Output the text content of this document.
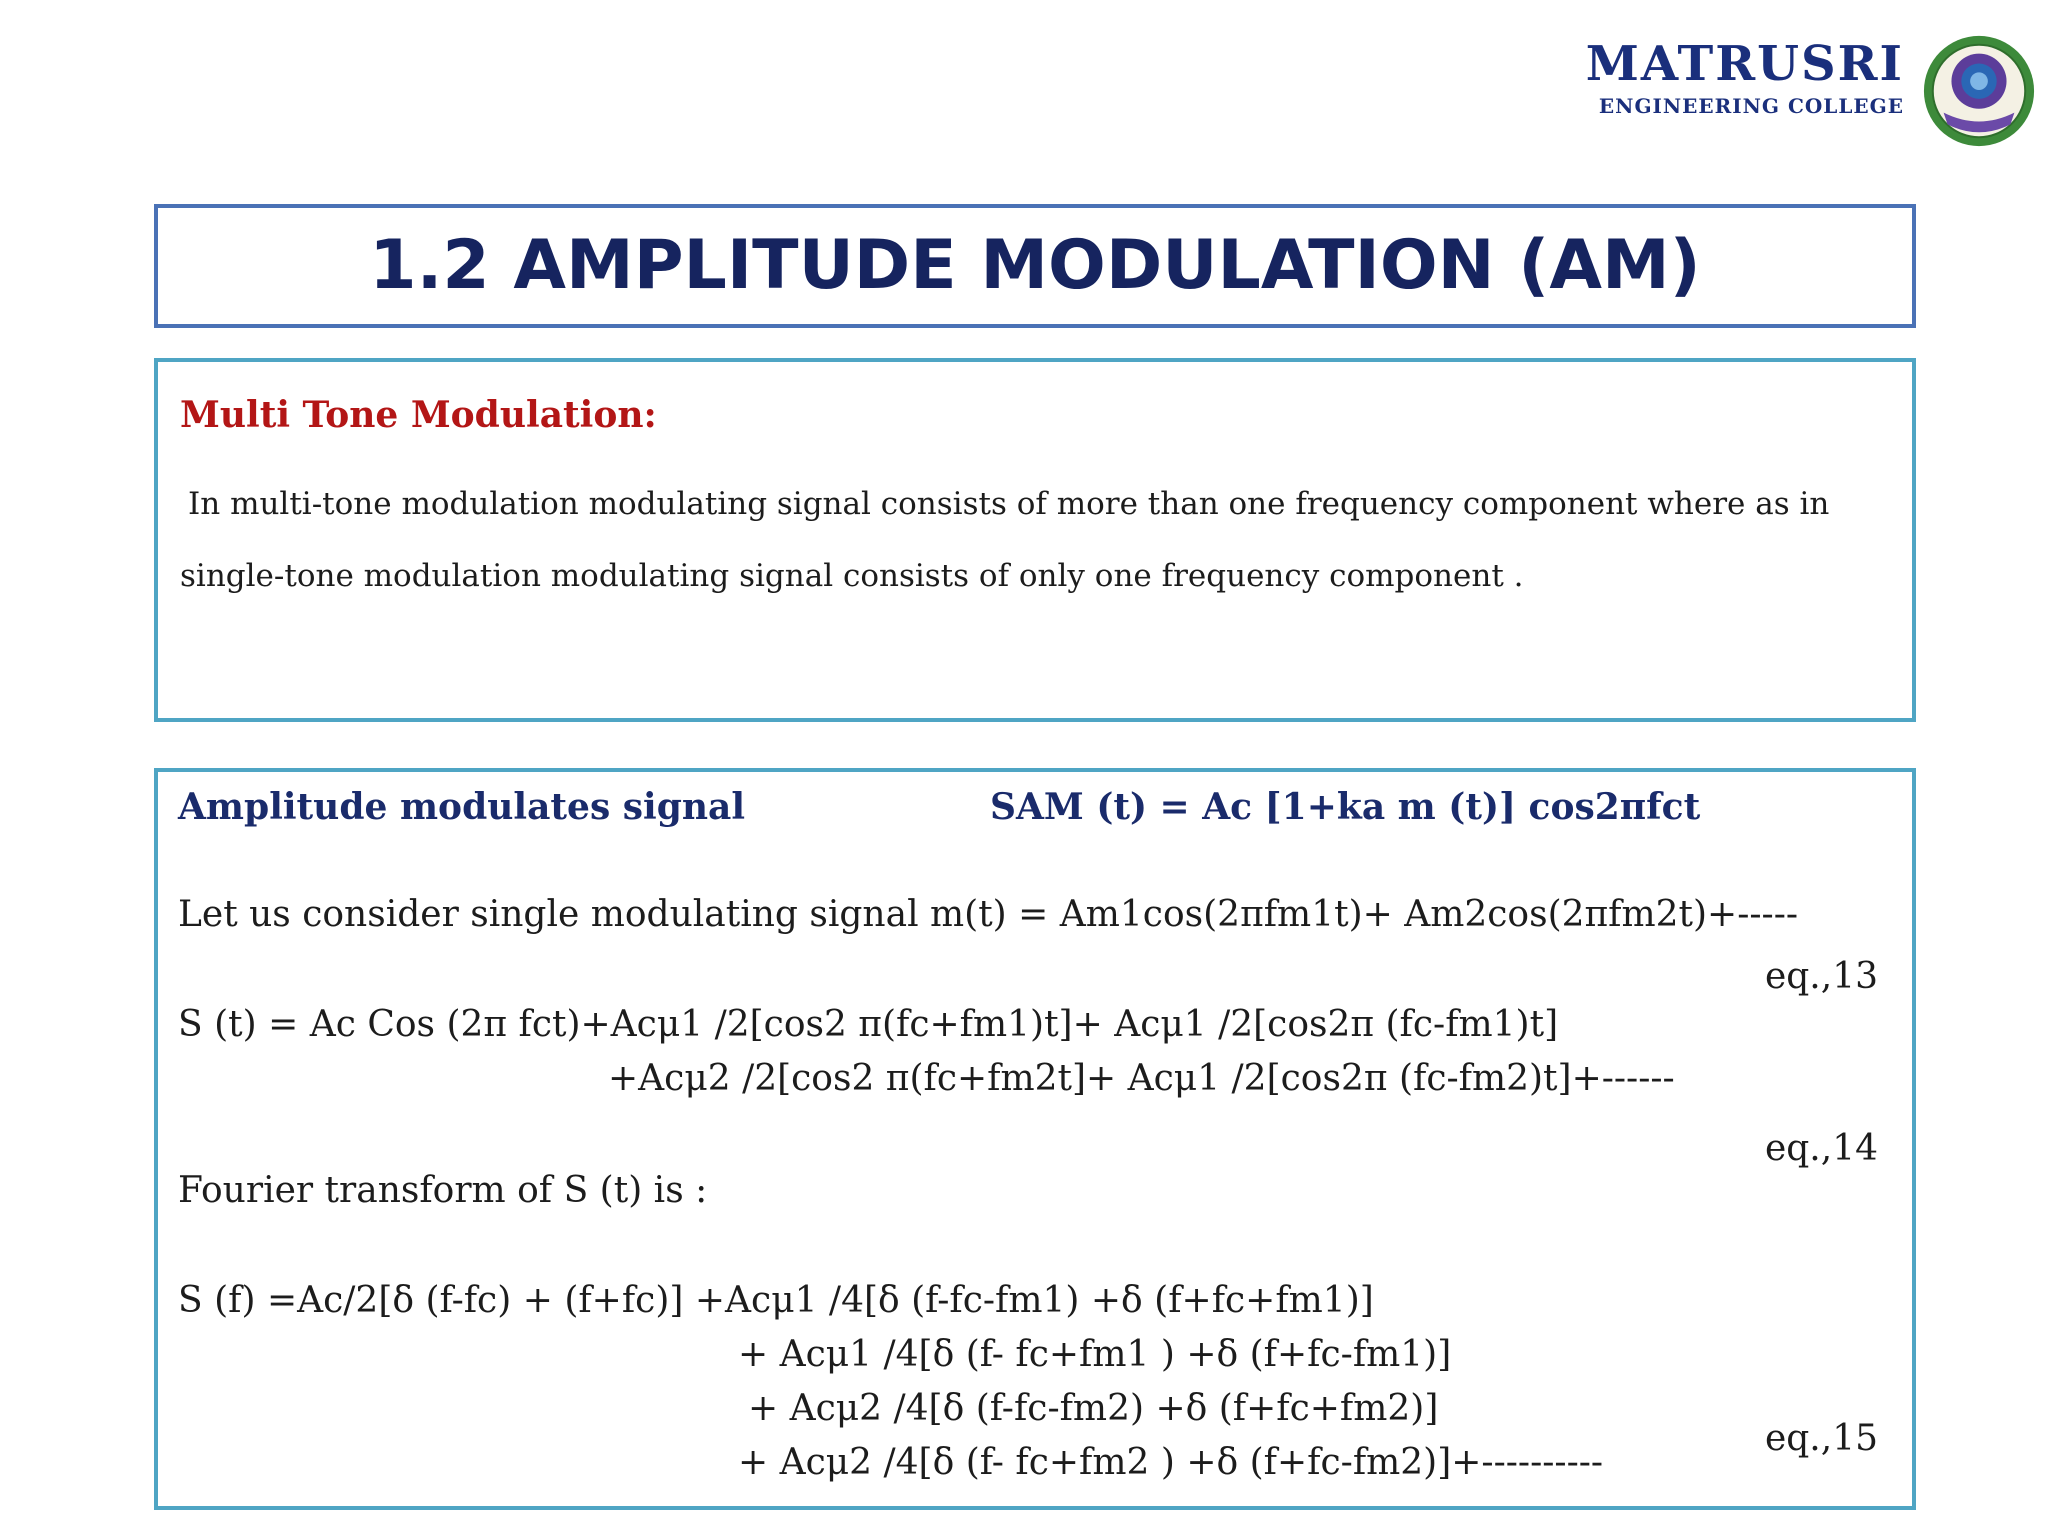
MATRUSRI

ENGINEERING COLLEGE

1.2 AMPLITUDE MODULATION (AM)
Multi Tone Modulation:

In multi-tone modulation modulating signal consists of more than one frequency component where as in single-tone modulation modulating signal consists of only one frequency component .

Amplitude modulates signal	SAM (t) = Ac [1+ka m (t)] cos2πfct

Let us consider single modulating signal m(t) = Am1cos(2πfm1t)+ Am2cos(2πfm2t)+-----

eq.,13

S (t) = Ac Cos (2π fct)+Acμ1 /2[cos2 π(fc+fm1)t]+ Acμ1 /2[cos2π (fc-fm1)t]

+Acμ2 /2[cos2 π(fc+fm2t]+ Acμ1 /2[cos2π (fc-fm2)t]+------

eq.,14

Fourier transform of S (t) is :

S (f) =Ac/2[δ (f-fc) + (f+fc)] +Acμ1 /4[δ (f-fc-fm1) +δ (f+fc+fm1)]

+ Acμ1 /4[δ (f- fc+fm1 ) +δ (f+fc-fm1)]

+ Acμ2 /4[δ (f-fc-fm2) +δ (f+fc+fm2)]

+ Acμ2 /4[δ (f- fc+fm2 ) +δ (f+fc-fm2)]+----------

eq.,15
